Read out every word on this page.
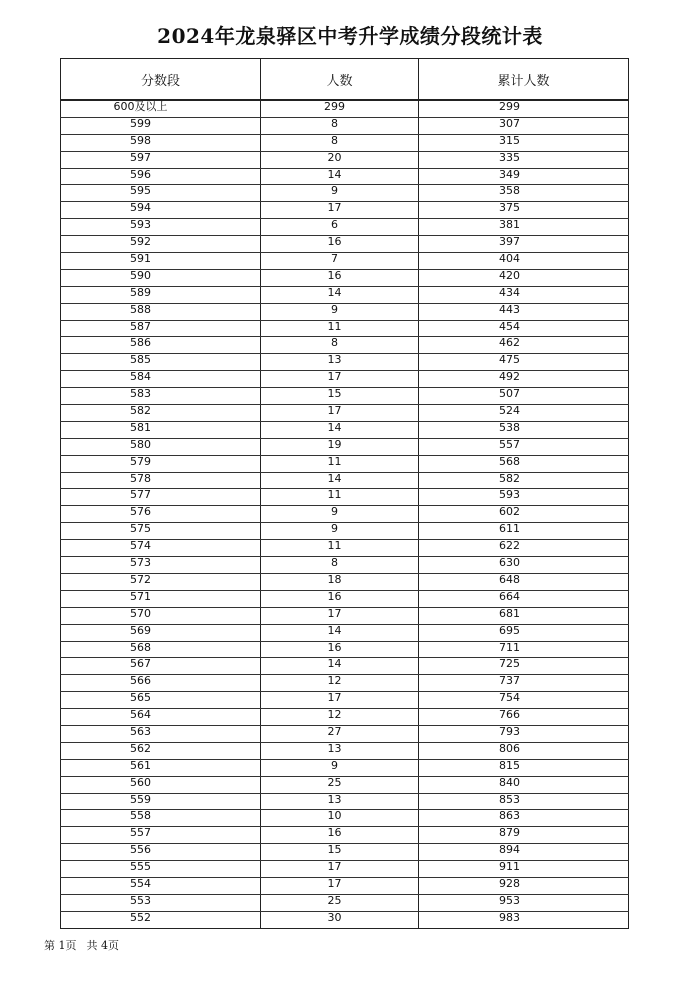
2024年龙泉驿区中考升学成绩分段统计表
分数段	人数	累计人数
600及以上	299	299
599	8	307
598	8	315
597	20	335
596	14	349
595	9	358
594	17	375
593	6	381
592	16	397
591	7	404
590	16	420
589	14	434
588	9	443
587	11	454
586	8	462
585	13	475
584	17	492
583	15	507
582	17	524
581	14	538
580	19	557
579	11	568
578	14	582
577	11	593
576	9	602
575	9	611
574	11	622
573	8	630
572	18	648
571	16	664
570	17	681
569	14	695
568	16	711
567	14	725
566	12	737
565	17	754
564	12	766
563	27	793
562	13	806
561	9	815
560	25	840
559	13	853
558	10	863
557	16	879
556	15	894
555	17	911
554	17	928
553	25	953
552	30	983
第 1页 共 4页
